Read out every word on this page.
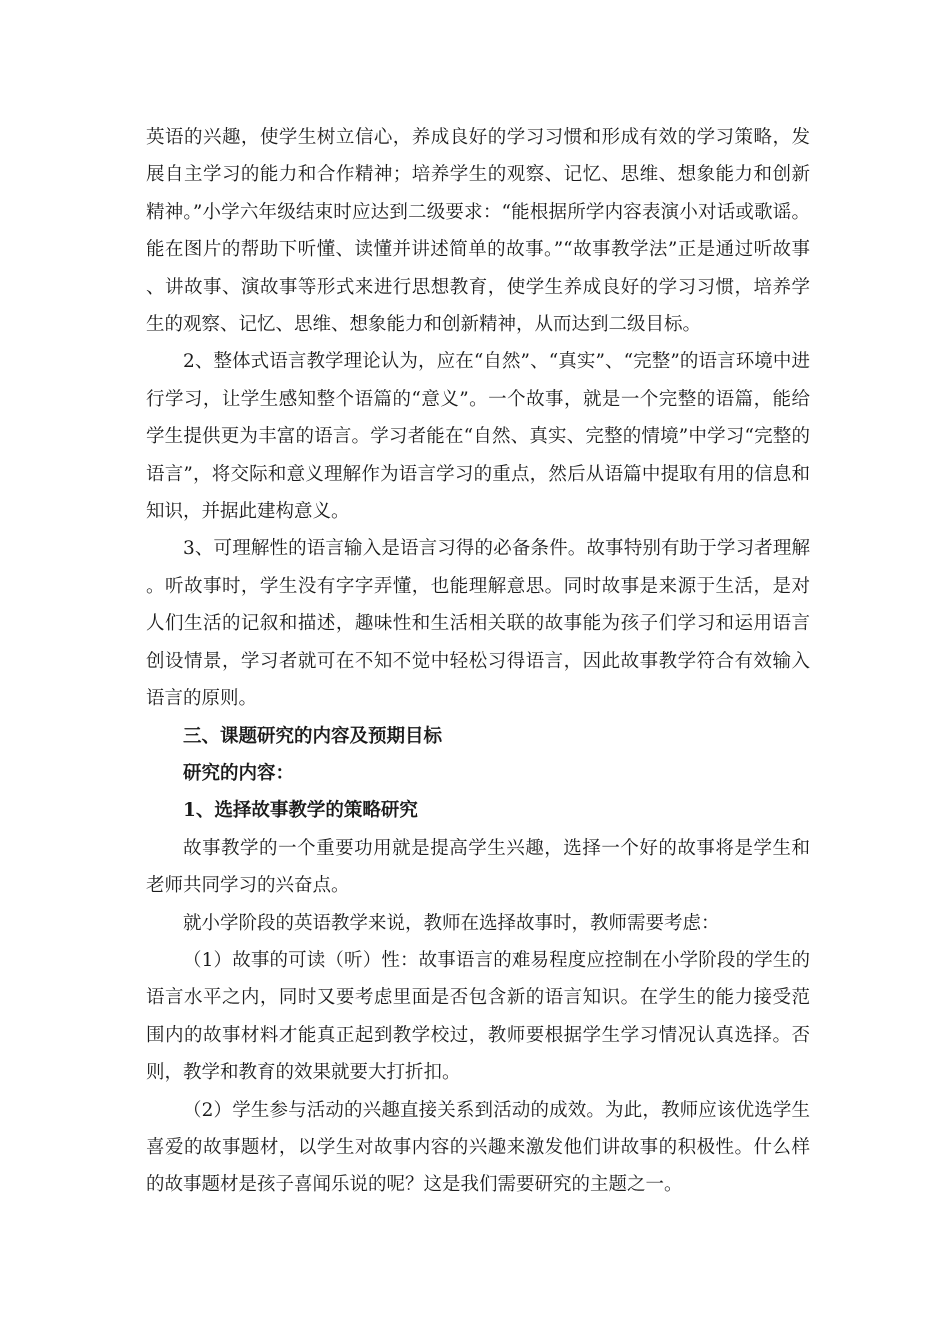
英语的兴趣，使学生树立信心，养成良好的学习习惯和形成有效的学习策略，发展自主学习的能力和合作精神；培养学生的观察、记忆、思维、想象能力和创新精神。”小学六年级结束时应达到二级要求：“能根据所学内容表演小对话或歌谣。能在图片的帮助下听懂、读懂并讲述简单的故事。”“故事教学法”正是通过听故事、讲故事、演故事等形式来进行思想教育，使学生养成良好的学习习惯，培养学生的观察、记忆、思维、想象能力和创新精神，从而达到二级目标。

2、整体式语言教学理论认为，应在“自然”、“真实”、“完整”的语言环境中进行学习，让学生感知整个语篇的“意义”。一个故事，就是一个完整的语篇，能给学生提供更为丰富的语言。学习者能在“自然、真实、完整的情境”中学习“完整的语言”，将交际和意义理解作为语言学习的重点，然后从语篇中提取有用的信息和知识，并据此建构意义。

3、可理解性的语言输入是语言习得的必备条件。故事特别有助于学习者理解。听故事时，学生没有字字弄懂，也能理解意思。同时故事是来源于生活，是对人们生活的记叙和描述，趣味性和生活相关联的故事能为孩子们学习和运用语言创设情景，学习者就可在不知不觉中轻松习得语言，因此故事教学符合有效输入语言的原则。

三、课题研究的内容及预期目标

研究的内容：

1、选择故事教学的策略研究

故事教学的一个重要功用就是提高学生兴趣，选择一个好的故事将是学生和老师共同学习的兴奋点。

就小学阶段的英语教学来说，教师在选择故事时，教师需要考虑：

（1）故事的可读（听）性：故事语言的难易程度应控制在小学阶段的学生的语言水平之内，同时又要考虑里面是否包含新的语言知识。在学生的能力接受范围内的故事材料才能真正起到教学校过，教师要根据学生学习情况认真选择。否则，教学和教育的效果就要大打折扣。

（2）学生参与活动的兴趣直接关系到活动的成效。为此，教师应该优选学生喜爱的故事题材，以学生对故事内容的兴趣来激发他们讲故事的积极性。什么样的故事题材是孩子喜闻乐说的呢？这是我们需要研究的主题之一。
